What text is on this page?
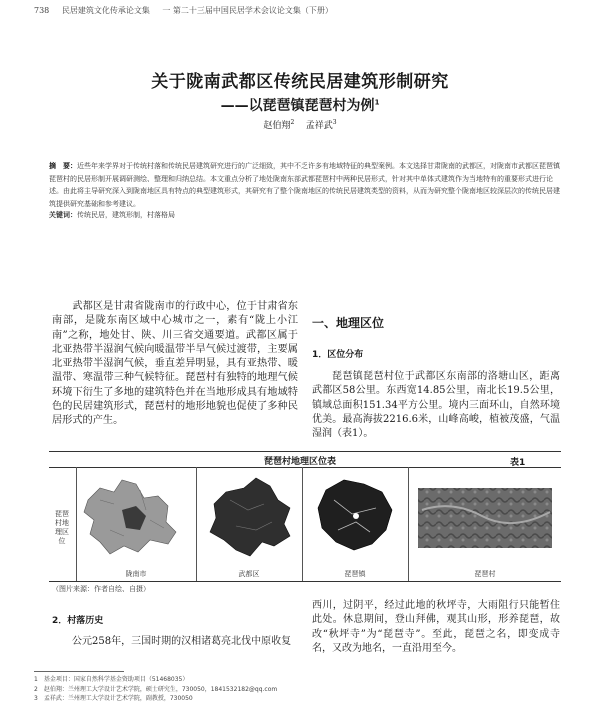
738 民居建筑文化传承论文集 一 第二十三届中国民居学术会议论文集（下册）
关于陇南武都区传统民居建筑形制研究
——以琵琶镇琵琶村为例$^1$
赵伯翔$^2$ 孟祥武$^3$
摘　要：近些年来学界对于传统村落和传统民居建筑研究进行的广泛细致，其中不乏许多有地域特征的典型案例。本文选择甘肃陇南的武都区，对陇南市武都区琵琶镇琵琶村的民居形制开展调研测绘、整理和归纳总结。本文重点分析了地处陇南东部武都琵琶村中两种民居形式，针对其中单体式建筑作为当地特有的重要形式进行论述。由此将主导研究深入到陇南地区具有特点的典型建筑形式，其研究有了整个陇南地区的传统民居建筑类型的资料，从而为研究整个陇南地区较深层次的传统民居建筑提供研究基础和参考建议。
关键词：传统民居，建筑形制，村落格局

武都区是甘肃省陇南市的行政中心，位于甘肃省东南部，是陇东南区域中心城市之一，素有“陇上小江南”之称，地处甘、陕、川三省交通要道。武都区属于北亚热带半湿润气候向暖温带半旱气候过渡带，主要属北亚热带半湿润气候，垂直差异明显，具有亚热带、暖温带、寒温带三种气候特征。琵琶村有独特的地理气候环境下衍生了多地的建筑特色并在当地形成具有地域特色的民居建筑形式，琵琶村的地形地貌也促使了多种民居形式的产生。

一、地理区位
1．区位分布

琵琶镇琵琶村位于武都区东南部的洛塘山区，距离武都区58公里。东西宽14.85公里，南北长19.5公里，镇域总面积151.34平方公里。境内三面环山，自然环境优美。最高海拔2216.6米，山峰高峻，植被茂盛，气温湿润（表1）。

琵琶村地理区位表	表1
琵琶村地理区位
陇南市	武都区	琵琶镇	琵琶村
（图片来源：作者自绘、自摄）
2．村落历史

公元258年，三国时期的汉相诸葛亮北伐中原收复

西川，过阴平，经过此地的秋坪寺，大雨阻行只能暂住此处。休息期间，登山拜佛，观其山形，形养琵琶，故改“秋坪寺”为“琵琶寺”。至此，琵琶之名，即变成寺名，又改为地名，一直沿用至今。

1　基金项目：国家自然科学基金资助项目（51468035）
2　赵伯翔：兰州理工大学设计艺术学院，硕士研究生，730050，1841532182@qq.com
3　孟祥武：兰州理工大学设计艺术学院，副教授，730050
